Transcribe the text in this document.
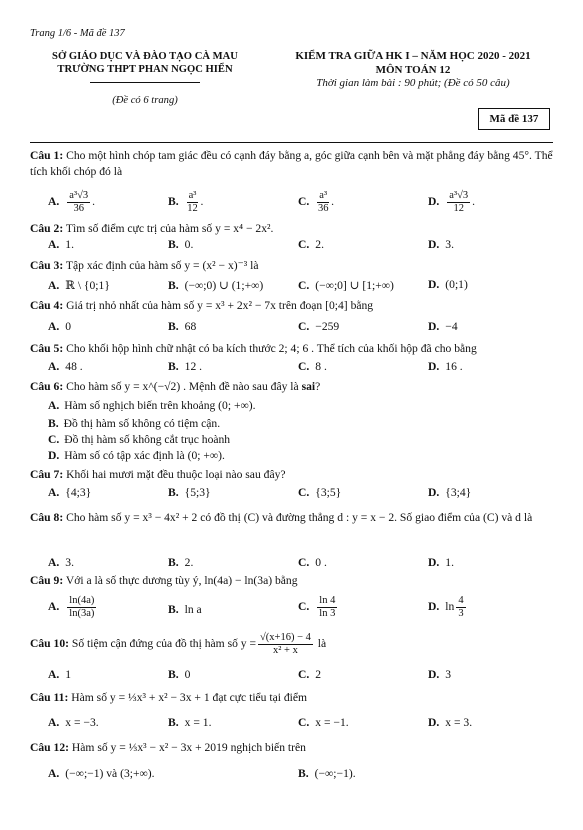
Trang 1/6 - Mã đề 137
SỞ GIÁO DỤC VÀ ĐÀO TẠO CÀ MAU
TRƯỜNG THPT PHAN NGỌC HIỂN
(Đề có 6 trang)
KIỂM TRA GIỮA HK I – NĂM HỌC 2020 - 2021
MÔN TOÁN 12
Thời gian làm bài : 90 phút; (Đề có 50 câu)
Mã đề 137
Câu 1: Cho một hình chóp tam giác đều có cạnh đáy bằng a, góc giữa cạnh bên và mặt phẳng đáy bằng 45°. Thể tích khối chóp đó là
A. $\frac{\text{a³√3}}{36}$ .	B. $\frac{\text{a³}}{12}$ .	C. $\frac{\text{a³}}{36}$ .	D. $\frac{\text{a³√3}}{12}$ .
Câu 2: Tìm số điểm cực trị của hàm số y = x⁴ − 2x².
A. 1.	B. 0.	C. 2.	D. 3.
Câu 3: Tập xác định của hàm số y = (x² − x)⁻³ là
A. ℝ \ {0;1}	B. (−∞;0) ∪ (1;+∞)	C. (−∞;0] ∪ [1;+∞)	D. (0;1)
Câu 4: Giá trị nhỏ nhất của hàm số y = x³ + 2x² − 7x trên đoạn [0;4] bằng
A. 0	B. 68	C. −259	D. −4
Câu 5: Cho khối hộp hình chữ nhật có ba kích thước 2; 4; 6 . Thể tích của khối hộp đã cho bằng
A. 48 .	B. 12 .	C. 8 .	D. 16 .
Câu 6: Cho hàm số y = x^(−√2) . Mệnh đề nào sau đây là sai?
A. Hàm số nghịch biến trên khoảng (0; +∞).
B. Đồ thị hàm số không có tiệm cận.
C. Đồ thị hàm số không cắt trục hoành
D. Hàm số có tập xác định là (0; +∞).
Câu 7: Khối hai mươi mặt đều thuộc loại nào sau đây?
A. {4;3}	B. {5;3}	C. {3;5}	D. {3;4}
Câu 8: Cho hàm số y = x³ − 4x² + 2 có đồ thị (C) và đường thẳng d : y = x − 2. Số giao điểm của (C) và d là
A. 3.	B. 2.	C. 0 .	D. 1.
Câu 9: Với a là số thực dương tùy ý, ln(4a) − ln(3a) bằng
A. $\frac{\ln(4a)}{\ln(3a)}$	B. ln a	C. $\frac{\ln 4}{\ln 3}$	D. $\ln \frac{4}{3}$
Câu 10: Số tiệm cận đứng của đồ thị hàm số $y = \frac{√(x+16) - 4}{\text{x² + x}}$ là
A. 1	B. 0	C. 2	D. 3
Câu 11: Hàm số y = ⅓x³ + x² − 3x + 1 đạt cực tiểu tại điểm
A. x = −3.	B. x = 1.	C. x = −1.	D. x = 3.
Câu 12: Hàm số y = ⅓x³ − x² − 3x + 2019 nghịch biến trên
A. (−∞;−1) và (3;+∞).	B. (−∞;−1).
